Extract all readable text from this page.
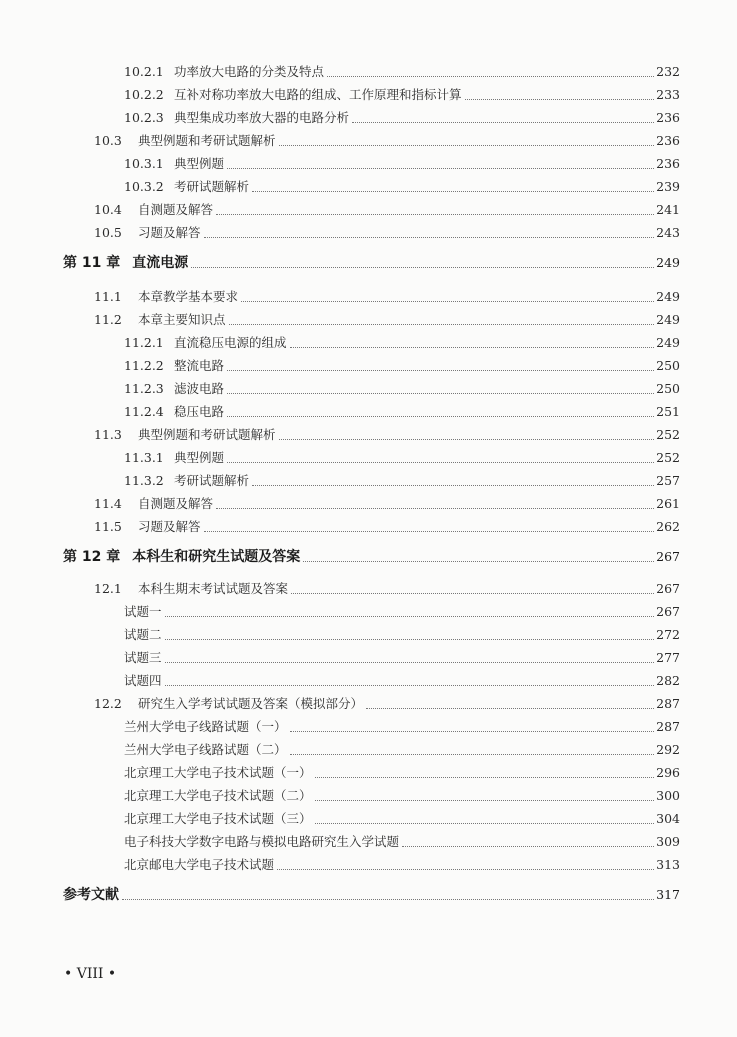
10.2.1 功率放大电路的分类及特点	232
10.2.2 互补对称功率放大电路的组成、工作原理和指标计算	233
10.2.3 典型集成功率放大器的电路分析	236
10.3	典型例题和考研试题解析	236
10.3.1 典型例题	236
10.3.2 考研试题解析	239
10.4	自测题及解答	241
10.5	习题及解答	243
第 11 章 直流电源	249
11.1	本章教学基本要求	249
11.2	本章主要知识点	249
11.2.1 直流稳压电源的组成	249
11.2.2 整流电路	250
11.2.3 滤波电路	250
11.2.4 稳压电路	251
11.3	典型例题和考研试题解析	252
11.3.1 典型例题	252
11.3.2 考研试题解析	257
11.4	自测题及解答	261
11.5	习题及解答	262
第 12 章 本科生和研究生试题及答案	267
12.1	本科生期末考试试题及答案	267
试题一	267
试题二	272
试题三	277
试题四	282
12.2	研究生入学考试试题及答案（模拟部分）	287
兰州大学电子线路试题（一）	287
兰州大学电子线路试题（二）	292
北京理工大学电子技术试题（一）	296
北京理工大学电子技术试题（二）	300
北京理工大学电子技术试题（三）	304
电子科技大学数字电路与模拟电路研究生入学试题	309
北京邮电大学电子技术试题	313
参考文献	317
• VIII •
